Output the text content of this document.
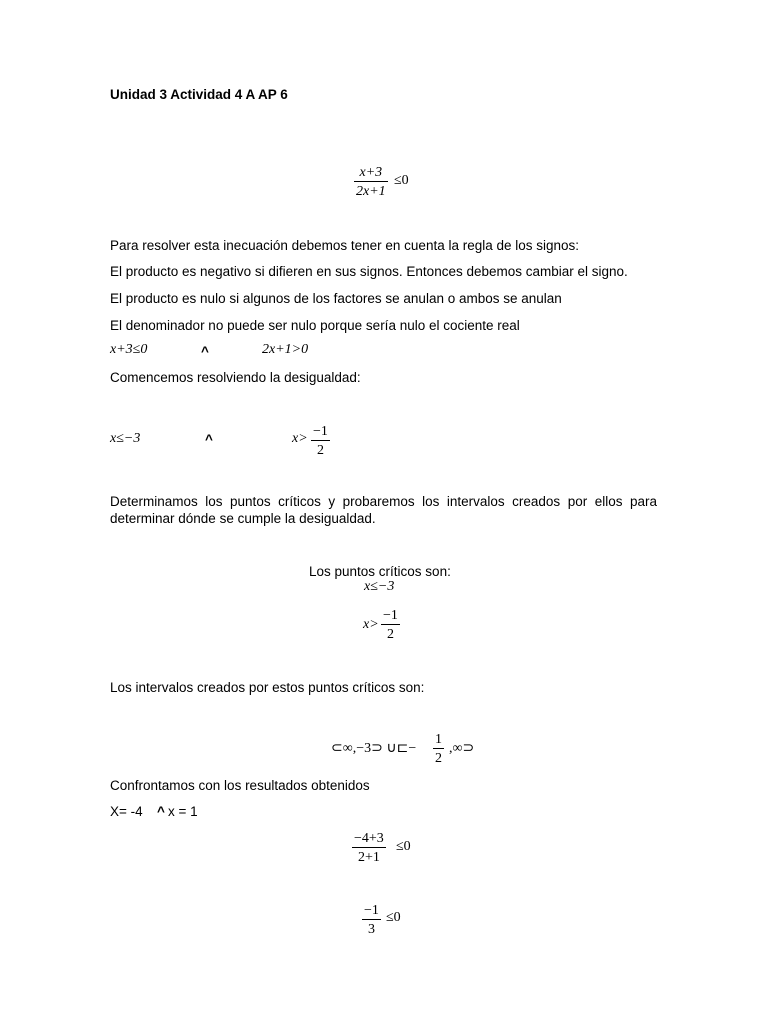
Unidad 3 Actividad 4 A AP 6
x+3
2x+1
≤0
Para resolver esta inecuación debemos tener en cuenta la regla de los signos:
El producto es negativo si difieren en sus signos. Entonces debemos cambiar el signo.
El producto es nulo si algunos de los factores se anulan o ambos se anulan
El denominador no puede ser nulo porque sería nulo el cociente real
x+3≤0	^	2x+1>0
Comencemos resolviendo la desigualdad:
x≤−3	^	x> −1
2
Determinamos los puntos críticos y probaremos los intervalos creados por ellos para determinar dónde se cumple la desigualdad.
Los puntos críticos son:
x≤−3
x>
−1
2
Los intervalos creados por estos puntos críticos son:
⊂∞,−3⊃ ∪⊏−
1
2
,∞⊃
Confrontamos con los resultados obtenidos
X= -4 ^ x = 1
−4+3
2+1
≤0
−1
3
≤0
